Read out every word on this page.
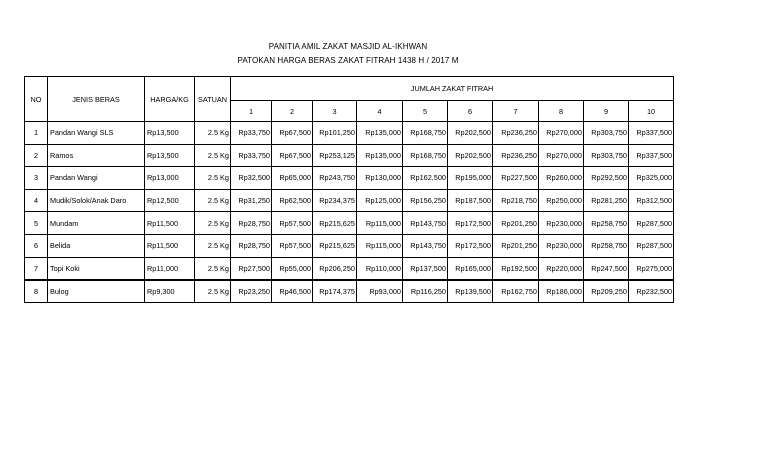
PANITIA AMIL ZAKAT MASJID AL-IKHWAN
PATOKAN HARGA BERAS ZAKAT FITRAH 1438 H / 2017 M
NO	JENIS BERAS	HARGA/KG	SATUAN	JUMLAH ZAKAT FITRAH									
				1	2	3	4	5	6	7	8	9	10
1	Pandan Wangi SLS	Rp13,500	2.5 Kg	Rp33,750	Rp67,500	Rp101,250	Rp135,000	Rp168,750	Rp202,500	Rp236,250	Rp270,000	Rp303,750	Rp337,500
2	Ramos	Rp13,500	2.5 Kg	Rp33,750	Rp67,500	Rp253,125	Rp135,000	Rp168,750	Rp202,500	Rp236,250	Rp270,000	Rp303,750	Rp337,500
3	Pandan Wangi	Rp13,000	2.5 Kg	Rp32,500	Rp65,000	Rp243,750	Rp130,000	Rp162,500	Rp195,000	Rp227,500	Rp260,000	Rp292,500	Rp325,000
4	Mudik/Solok/Anak Daro	Rp12,500	2.5 Kg	Rp31,250	Rp62,500	Rp234,375	Rp125,000	Rp156,250	Rp187,500	Rp218,750	Rp250,000	Rp281,250	Rp312,500
5	Mundam	Rp11,500	2.5 Kg	Rp28,750	Rp57,500	Rp215,625	Rp115,000	Rp143,750	Rp172,500	Rp201,250	Rp230,000	Rp258,750	Rp287,500
6	Belida	Rp11,500	2.5 Kg	Rp28,750	Rp57,500	Rp215,625	Rp115,000	Rp143,750	Rp172,500	Rp201,250	Rp230,000	Rp258,750	Rp287,500
7	Topi Koki	Rp11,000	2.5 Kg	Rp27,500	Rp55,000	Rp206,250	Rp110,000	Rp137,500	Rp165,000	Rp192,500	Rp220,000	Rp247,500	Rp275,000
8	Bulog	Rp9,300	2.5 Kg	Rp23,250	Rp46,500	Rp174,375	Rp93,000	Rp116,250	Rp139,500	Rp162,750	Rp186,000	Rp209,250	Rp232,500
